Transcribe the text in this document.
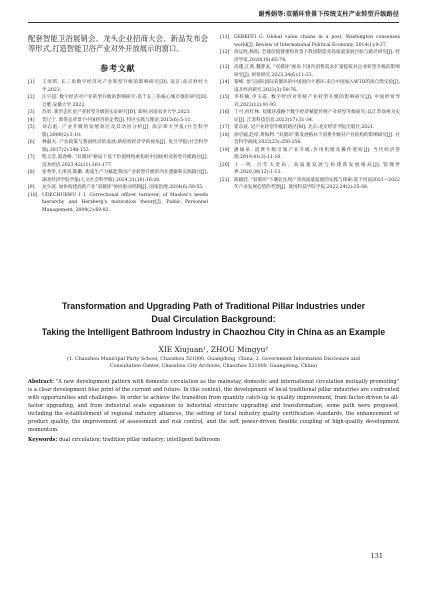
谢秀娟等:双循环背景下传统支柱产业转型升级路径

配套智能卫浴展销会、龙头企业招商大会、新品发布会等形式,打造智能卫浴产业对外开放展示的窗口。

参考文献
[1]	王瑶琪. 长三角数字经济对产业转型升级的影响研究[D]. 南京:南京财经大学,2023.
[2]	汪宇超. 数字经济对产业转型升级的影响研究:基于长三角核心城市群的研究[D]. 合肥:安徽大学,2022.
[3]	苏勇. 新形态红星产业转型升级的实证研究[D]. 郑州:河南农业大学,2023.
[4]	贺辽宁. 新常态背景下中国经济的走势[J]. 特区实践与理论,2015(6):5-11.
[5]	刘志彪. 产业升级的发展效应及其动因分析[J]. 南京师大学报(社会科学版),2000(2):3-10.
[6]	林毅夫. 产业政策与我国经济的发展:新结构经济学的视角[J]. 复旦学报(社会科学版),2017(2):148-153.
[7]	程玉莹,邵春峰. "双循环"格局下基于价值网络重构的中国纺织业转型升级路径[J]. 技术经济,2023,42(11):161-177.
[8]	张秀华,王津涛,陈鹏. 新质生产力赋能我国产业转型升级的内在逻辑和实践路径[J]. 湖北经济学院学报(人文社会科学版),2024,21(10):16-20.
[9]	龙少波. 加快构建高新产业"双循环"协同驱动机制[J]. 国家治理,2024(6):50-55.
[10] UDECHUKWU I I. Correctional officer turnover, of Maslow's needs hierarchy and Herzberg's motivation theory[J]. Public Personnel Management, 2009(2):69-82.
[11] GEREFFI G. Global value chains in a post, Washington consensus world[J]. Review of International Political Economy, 2014(1):9-37.
[12] 高运胜,杨阳. 全球价值链重构背景下我国制造业高质量发展目标与路径研究[J]. 经济学家,2020(10):65-74.
[13] 高瑾,江新,魏梦灵. "双循环"视角下国内消费需求扩量提质对企业转型升级的影响研究[J]. 财贸研究,2023,34(6):11-23.
[14] 黎峰. 参与国际国际双循环的中国国内大循环:来自中国加入WTO的准自然实验[J]. 南开经济研究,2023(3):58-76.
[15] 李梓楠,申玉霞. 数字经济对传统产业转型升级的影响研究[J]. 中国经贸导刊,2022(12):91-93.
[16] 丁可,何红林. 双循环战略下数字经济赋能传统产业转型升级研究:以江苏徐州为实证[J]. 江苏科技信息,2023(17):31-34.
[17] 崔东波. 论产业转型升级的路径[M]. 北京:北京经济学院出版社,2021.
[18] 徐亭颖,赵厚,黄海利. "双循环"新发展格局下消费升级对产业结构的影响研究[J]. 社会科学战线,2022(23):250-254.
[19] 潘锡泉. 消费升级引领产业升级:作用机理及操作架构[J]. 当代经济管理,2019,41(3):11-16.
[20] 王一鸣. 百年大变局、高质量发展与构建新发展格局[J]. 管理世界,2020,36(12):1-13.
[21] 陈晓娃. "双循环"下潮北区域产业高质量发展的实践与探索:基于河南2021—2022年产业发展态势的考察[J]. 黄冈科技学院学报,2022,24(2):35-38.

Transformation and Upgrading Path of Traditional Pillar Industries under

Dual Circulation Background:

Taking the Intelligent Bathroom Industry in Chaozhou City in China as an Example

XIE Xiujuan¹, ZHOU Mingyu²

(1. Chaozhou Municipal Party School, Chaozhou 521000, Guangdong, China; 2. Government Information Disclosure and

Consultation Center, Chaozhou City Archives, Chaozhou 521000, Guangdong, China)

Abstract: "A new development pattern with domestic circulation as the mainstay, domestic and international circulation mutually promoting" is a clear development blue print of the current and future. In this context, the development of local traditional pillar industries are confronted with opportunities and challenges. In order to achieve the transition from quantity catch-up to quality improvement, from factor-driven to all-factor upgrading, and from industrial scale expansion to industrial structure upgrading and transformation, some path were proposed, including the establishment of regional industry alliances, the setting of local industry quality certification standards, the enhancement of product quality, the improvement of assessment and risk control, and the soft power-driven flexible coupling of high-quality development momentum.

Keywords: dual circulation; tradition pillar industry; intelligent bathroom

131
